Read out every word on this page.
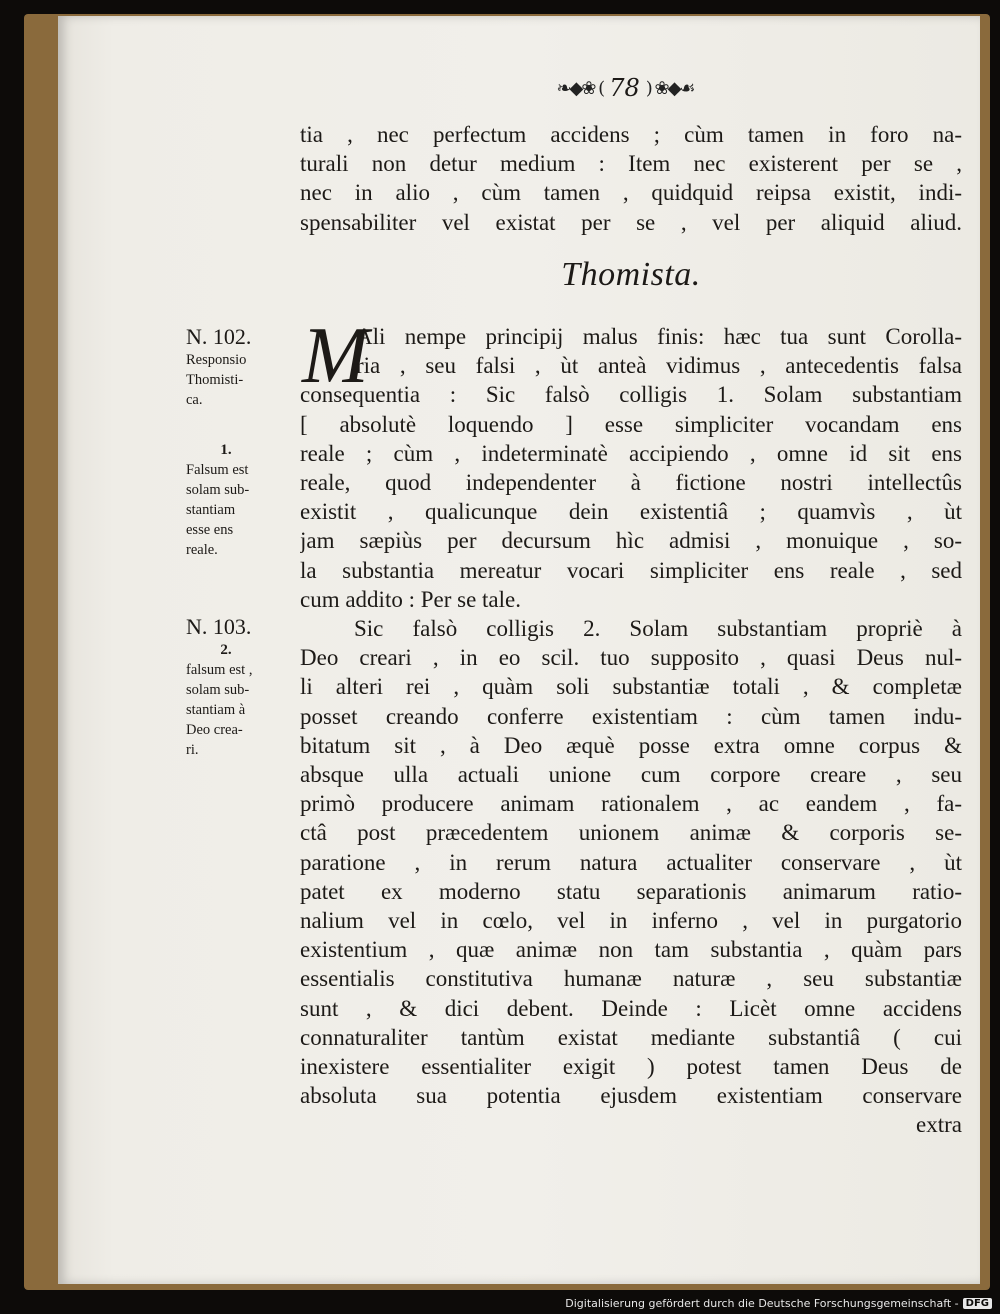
❧◆❀ ( 78 ) ❀◆☙
tia , nec perfectum accidens ; cùm tamen in foro na-
turali non detur medium : Item nec existerent per se ,
nec in alio , cùm tamen , quidquid reipsa existit, indi-
spensabiliter vel existat per se , vel per aliquid aliud.
Thomista.
M
Ali nempe principij malus finis: hæc tua sunt Corolla-
ria , seu falsi , ùt anteà vidimus , antecedentis falsa
consequentia : Sic falsò colligis 1. Solam substantiam
[ absolutè loquendo ] esse simpliciter vocandam ens
reale ; cùm , indeterminatè accipiendo , omne id sit ens
reale, quod independenter à fictione nostri intellectûs
existit , qualicunque dein existentiâ ; quamvìs , ùt
jam sæpiùs per decursum hìc admisi , monuique , so-
la substantia mereatur vocari simpliciter ens reale , sed
cum addito : Per se tale.
Sic falsò colligis 2. Solam substantiam propriè à
Deo creari , in eo scil. tuo supposito , quasi Deus nul-
li alteri rei , quàm soli substantiæ totali , & completæ
posset creando conferre existentiam : cùm tamen indu-
bitatum sit , à Deo æquè posse extra omne corpus &
absque ulla actuali unione cum corpore creare , seu
primò producere animam rationalem , ac eandem , fa-
ctâ post præcedentem unionem animæ & corporis se-
paratione , in rerum natura actualiter conservare , ùt
patet ex moderno statu separationis animarum ratio-
nalium vel in cœlo, vel in inferno , vel in purgatorio
existentium , quæ animæ non tam substantia , quàm pars
essentialis constitutiva humanæ naturæ , seu substantiæ
sunt , & dici debent. Deinde : Licèt omne accidens
connaturaliter tantùm existat mediante substantiâ ( cui
inexistere essentialiter exigit ) potest tamen Deus de
absoluta sua potentia ejusdem existentiam conservare
extra
N. 102.
Responsio
Thomisti-
ca.
1.
Falsum est
solam sub-
stantiam
esse ens
reale.
N. 103.
2.
falsum est ,
solam sub-
stantiam à
Deo crea-
ri.
Digitalisierung gefördert durch die Deutsche Forschungsgemeinschaft - DFG
